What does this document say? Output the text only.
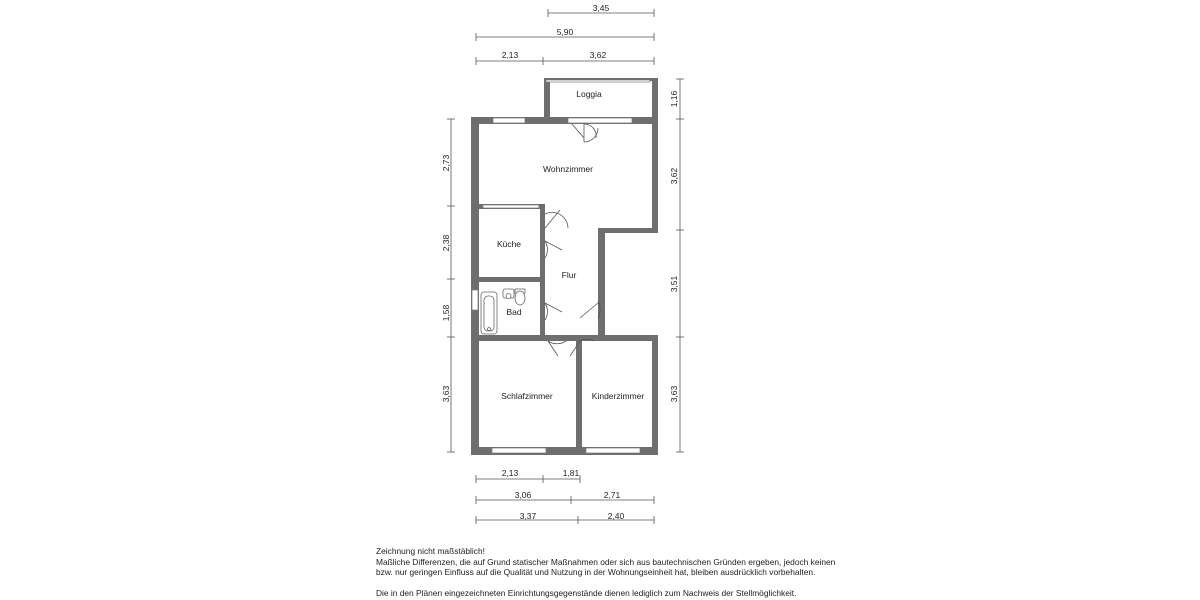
Loggia
Wohnzimmer
Küche
Flur
Bad
Schlafzimmer	Kinderzimmer
3,45
5,90
2,13	3,62
2,73
2,38
1,58
3,63
1,16
3,62
3,51
3,63
2,13	1,81
3,06	2,71
3,37	2,40
Zeichnung nicht maßstäblich!
Maßliche Differenzen, die auf Grund statischer Maßnahmen oder sich aus bautechnischen Gründen ergeben, jedoch keinen
bzw. nur geringen Einfluss auf die Qualität und Nutzung in der Wohnungseinheit hat, bleiben ausdrücklich vorbehalten.

Die in den Plänen eingezeichneten Einrichtungsgegenstände dienen lediglich zum Nachweis der Stellmöglichkeit.
